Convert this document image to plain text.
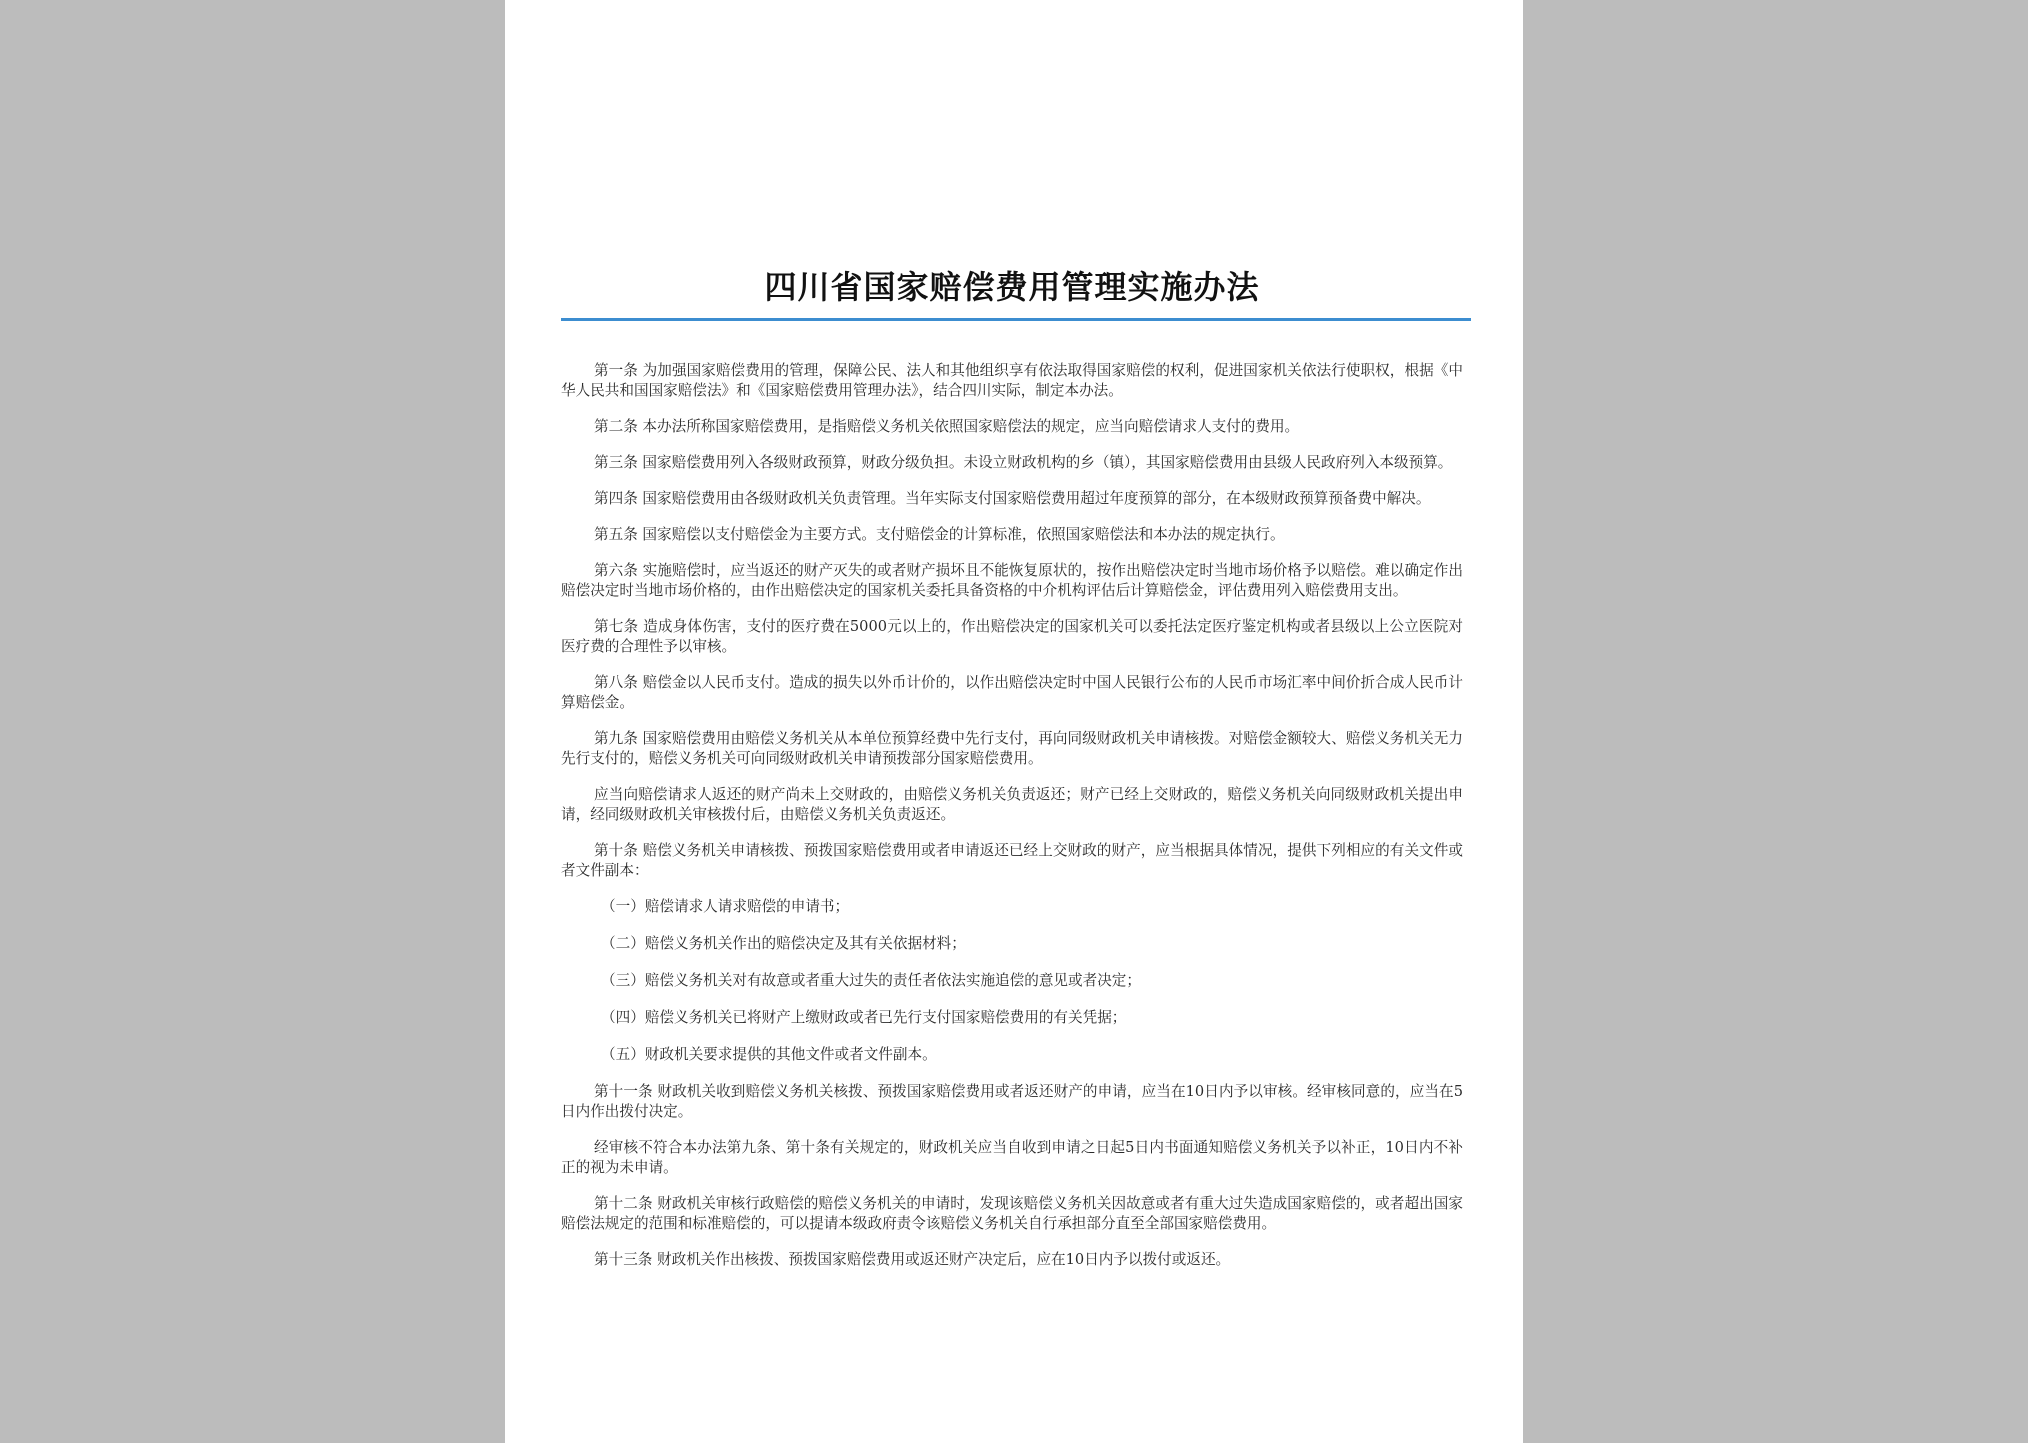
四川省国家赔偿费用管理实施办法

第一条 为加强国家赔偿费用的管理，保障公民、法人和其他组织享有依法取得国家赔偿的权利，促进国家机关依法行使职权，根据《中华人民共和国国家赔偿法》和《国家赔偿费用管理办法》，结合四川实际，制定本办法。

第二条 本办法所称国家赔偿费用，是指赔偿义务机关依照国家赔偿法的规定，应当向赔偿请求人支付的费用。

第三条 国家赔偿费用列入各级财政预算，财政分级负担。未设立财政机构的乡（镇），其国家赔偿费用由县级人民政府列入本级预算。

第四条 国家赔偿费用由各级财政机关负责管理。当年实际支付国家赔偿费用超过年度预算的部分，在本级财政预算预备费中解决。

第五条 国家赔偿以支付赔偿金为主要方式。支付赔偿金的计算标准，依照国家赔偿法和本办法的规定执行。

第六条 实施赔偿时，应当返还的财产灭失的或者财产损坏且不能恢复原状的，按作出赔偿决定时当地市场价格予以赔偿。难以确定作出赔偿决定时当地市场价格的，由作出赔偿决定的国家机关委托具备资格的中介机构评估后计算赔偿金，评估费用列入赔偿费用支出。

第七条 造成身体伤害，支付的医疗费在5000元以上的，作出赔偿决定的国家机关可以委托法定医疗鉴定机构或者县级以上公立医院对医疗费的合理性予以审核。

第八条 赔偿金以人民币支付。造成的损失以外币计价的，以作出赔偿决定时中国人民银行公布的人民币市场汇率中间价折合成人民币计算赔偿金。

第九条 国家赔偿费用由赔偿义务机关从本单位预算经费中先行支付，再向同级财政机关申请核拨。对赔偿金额较大、赔偿义务机关无力先行支付的，赔偿义务机关可向同级财政机关申请预拨部分国家赔偿费用。

应当向赔偿请求人返还的财产尚未上交财政的，由赔偿义务机关负责返还；财产已经上交财政的，赔偿义务机关向同级财政机关提出申请，经同级财政机关审核拨付后，由赔偿义务机关负责返还。

第十条 赔偿义务机关申请核拨、预拨国家赔偿费用或者申请返还已经上交财政的财产，应当根据具体情况，提供下列相应的有关文件或者文件副本：

（一）赔偿请求人请求赔偿的申请书；

（二）赔偿义务机关作出的赔偿决定及其有关依据材料；

（三）赔偿义务机关对有故意或者重大过失的责任者依法实施追偿的意见或者决定；

（四）赔偿义务机关已将财产上缴财政或者已先行支付国家赔偿费用的有关凭据；

（五）财政机关要求提供的其他文件或者文件副本。

第十一条 财政机关收到赔偿义务机关核拨、预拨国家赔偿费用或者返还财产的申请，应当在10日内予以审核。经审核同意的，应当在5日内作出拨付决定。

经审核不符合本办法第九条、第十条有关规定的，财政机关应当自收到申请之日起5日内书面通知赔偿义务机关予以补正，10日内不补正的视为未申请。

第十二条 财政机关审核行政赔偿的赔偿义务机关的申请时，发现该赔偿义务机关因故意或者有重大过失造成国家赔偿的，或者超出国家赔偿法规定的范围和标准赔偿的，可以提请本级政府责令该赔偿义务机关自行承担部分直至全部国家赔偿费用。

第十三条 财政机关作出核拨、预拨国家赔偿费用或返还财产决定后，应在10日内予以拨付或返还。
